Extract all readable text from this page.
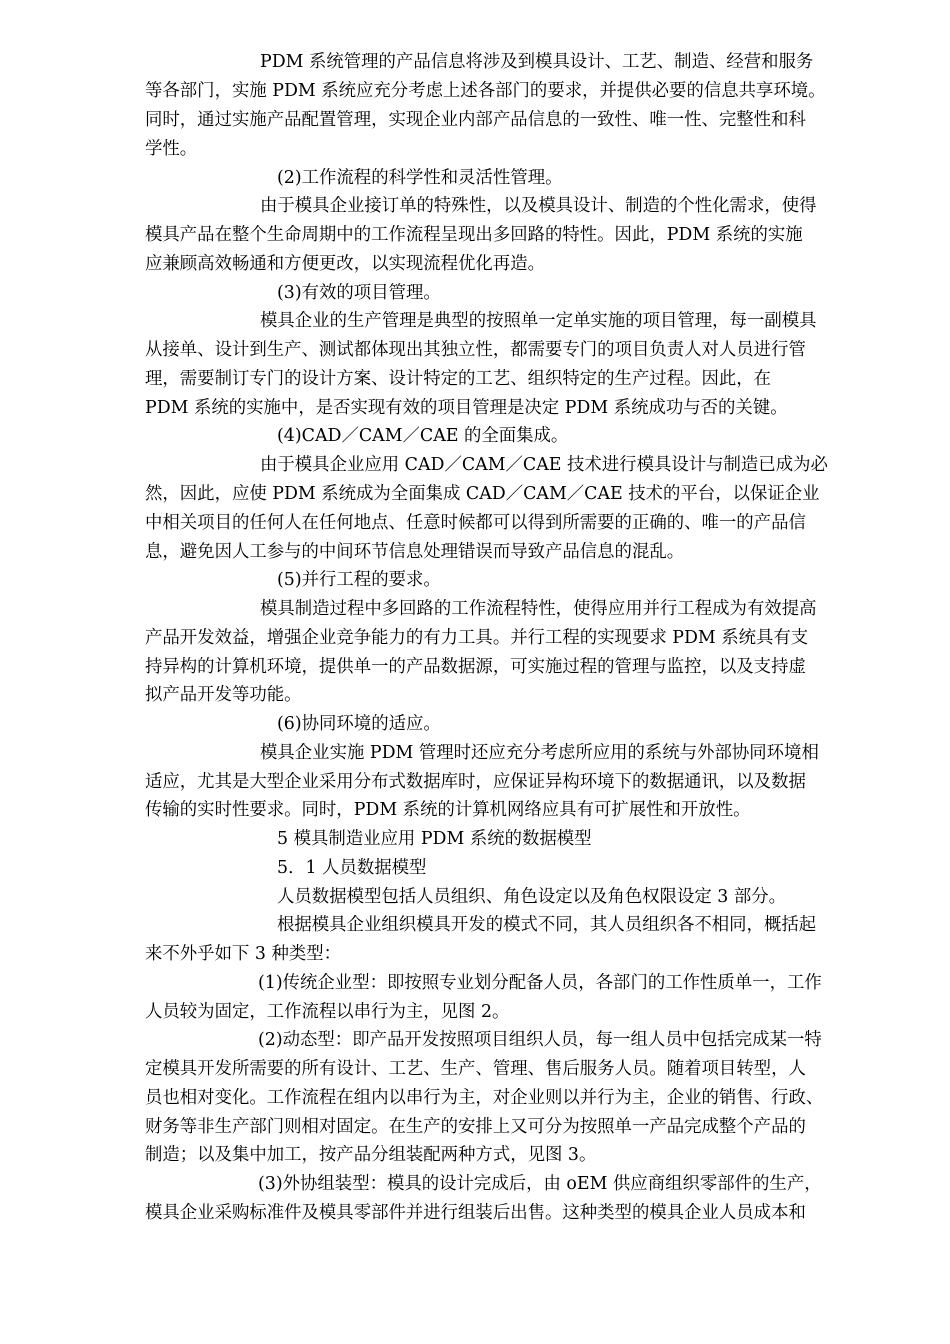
PDM 系统管理的产品信息将涉及到模具设计、工艺、制造、经营和服务
等各部门，实施 PDM 系统应充分考虑上述各部门的要求，并提供必要的信息共享环境。
同时，通过实施产品配置管理，实现企业内部产品信息的一致性、唯一性、完整性和科
学性。
(2)工作流程的科学性和灵活性管理。
由于模具企业接订单的特殊性，以及模具设计、制造的个性化需求，使得
模具产品在整个生命周期中的工作流程呈现出多回路的特性。因此，PDM 系统的实施
应兼顾高效畅通和方便更改，以实现流程优化再造。
(3)有效的项目管理。
模具企业的生产管理是典型的按照单一定单实施的项目管理，每一副模具
从接单、设计到生产、测试都体现出其独立性，都需要专门的项目负责人对人员进行管
理，需要制订专门的设计方案、设计特定的工艺、组织特定的生产过程。因此，在
PDM 系统的实施中，是否实现有效的项目管理是决定 PDM 系统成功与否的关键。
(4)CAD／CAM／CAE 的全面集成。
由于模具企业应用 CAD／CAM／CAE 技术进行模具设计与制造已成为必
然，因此，应使 PDM 系统成为全面集成 CAD／CAM／CAE 技术的平台，以保证企业
中相关项目的任何人在任何地点、任意时候都可以得到所需要的正确的、唯一的产品信
息，避免因人工参与的中间环节信息处理错误而导致产品信息的混乱。
(5)并行工程的要求。
模具制造过程中多回路的工作流程特性，使得应用并行工程成为有效提高
产品开发效益，增强企业竞争能力的有力工具。并行工程的实现要求 PDM 系统具有支
持异构的计算机环境，提供单一的产品数据源，可实施过程的管理与监控，以及支持虚
拟产品开发等功能。
(6)协同环境的适应。
模具企业实施 PDM 管理时还应充分考虑所应用的系统与外部协同环境相
适应，尤其是大型企业采用分布式数据库时，应保证异构环境下的数据通讯，以及数据
传输的实时性要求。同时，PDM 系统的计算机网络应具有可扩展性和开放性。
5 模具制造业应用 PDM 系统的数据模型
5．1 人员数据模型
人员数据模型包括人员组织、角色设定以及角色权限设定 3 部分。
根据模具企业组织模具开发的模式不同，其人员组织各不相同，概括起
来不外乎如下 3 种类型：
(1)传统企业型：即按照专业划分配备人员，各部门的工作性质单一，工作
人员较为固定，工作流程以串行为主，见图 2。
(2)动态型：即产品开发按照项目组织人员，每一组人员中包括完成某一特
定模具开发所需要的所有设计、工艺、生产、管理、售后服务人员。随着项目转型，人
员也相对变化。工作流程在组内以串行为主，对企业则以并行为主，企业的销售、行政、
财务等非生产部门则相对固定。在生产的安排上又可分为按照单一产品完成整个产品的
制造；以及集中加工，按产品分组装配两种方式，见图 3。
(3)外协组装型：模具的设计完成后，由 oEM 供应商组织零部件的生产，
模具企业采购标准件及模具零部件并进行组装后出售。这种类型的模具企业人员成本和
